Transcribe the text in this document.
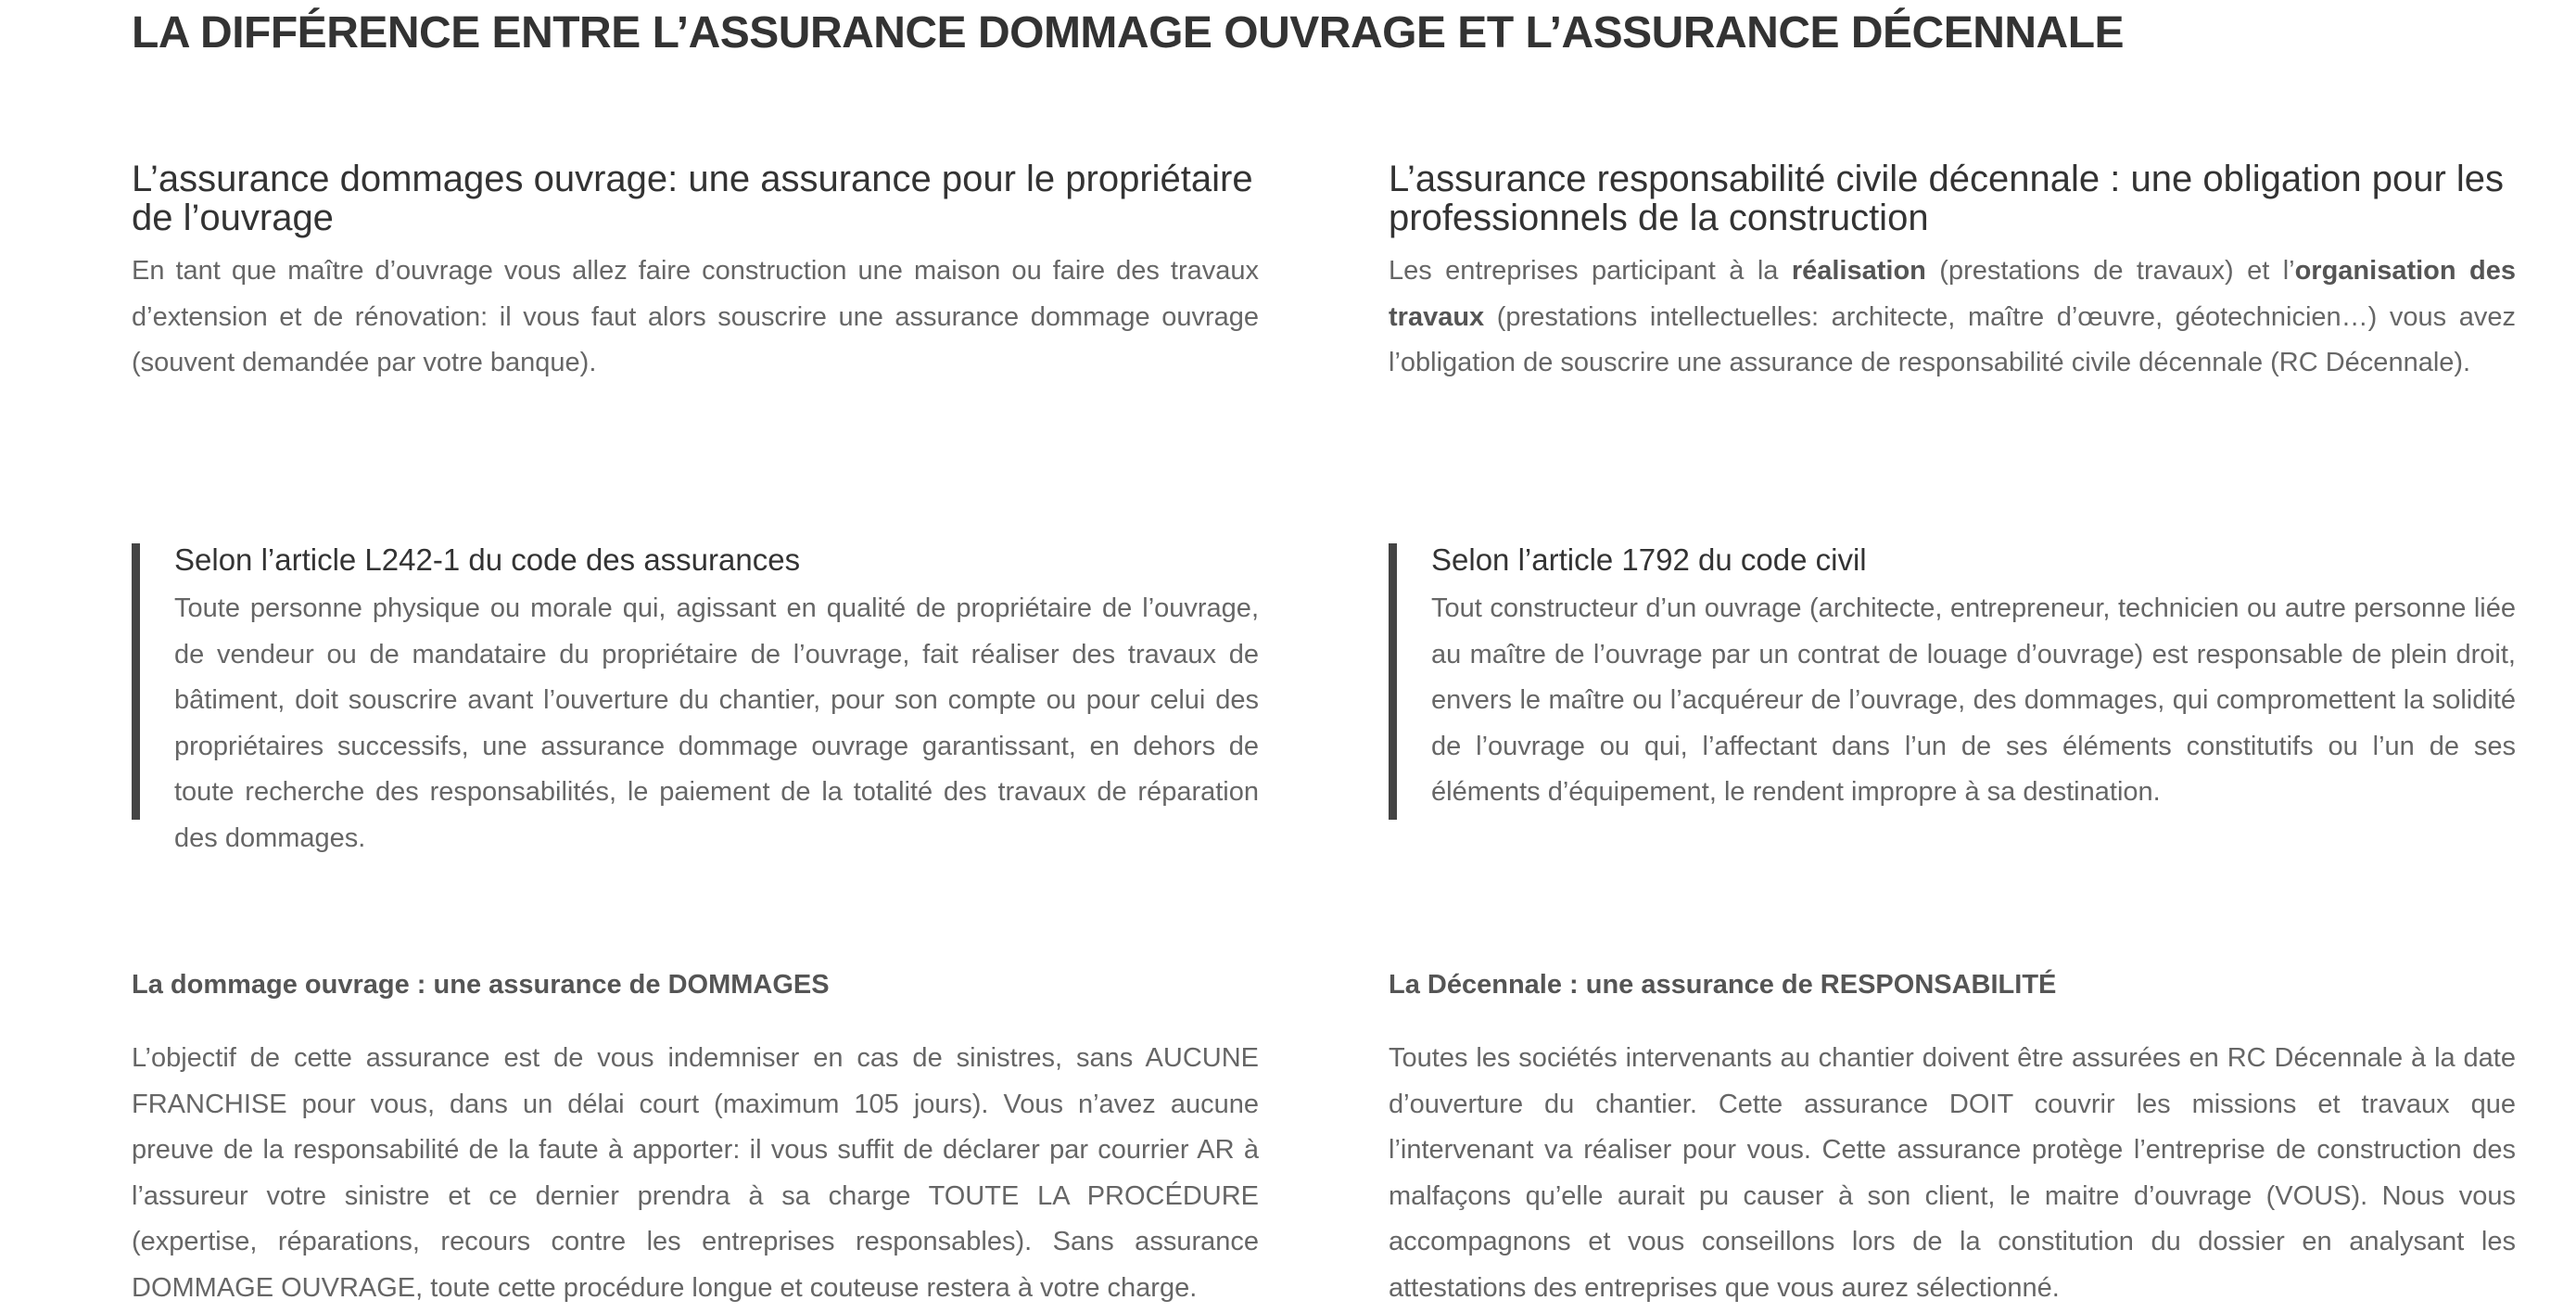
LA DIFFÉRENCE ENTRE L’ASSURANCE DOMMAGE OUVRAGE ET L’ASSURANCE DÉCENNALE
L’assurance dommages ouvrage: une assurance pour le propriétaire de l’ouvrage

En tant que maître d’ouvrage vous allez faire construction une maison ou faire des travaux d’extension et de rénovation: il vous faut alors souscrire une assurance dommage ouvrage (souvent demandée par votre banque).

L’assurance responsabilité civile décennale : une obligation pour les professionnels de la construction

Les entreprises participant à la réalisation (prestations de travaux) et l’organisation des travaux (prestations intellectuelles: architecte, maître d’œuvre, géotechnicien…) vous avez l’obligation de souscrire une assurance de responsabilité civile décennale (RC Décennale).

Selon l’article L242-1 du code des assurances

Toute personne physique ou morale qui, agissant en qualité de propriétaire de l’ouvrage, de vendeur ou de mandataire du propriétaire de l’ouvrage, fait réaliser des travaux de bâtiment, doit souscrire avant l’ouverture du chantier, pour son compte ou pour celui des propriétaires successifs, une assurance dommage ouvrage garantissant, en dehors de toute recherche des responsabilités, le paiement de la totalité des travaux de réparation des dommages.

Selon l’article 1792 du code civil

Tout constructeur d’un ouvrage (architecte, entrepreneur, technicien ou autre personne liée au maître de l’ouvrage par un contrat de louage d’ouvrage) est responsable de plein droit, envers le maître ou l’acquéreur de l’ouvrage, des dommages, qui compromettent la solidité de l’ouvrage ou qui, l’affectant dans l’un de ses éléments constitutifs ou l’un de ses éléments d’équipement, le rendent impropre à sa destination.

La dommage ouvrage : une assurance de DOMMAGES

L’objectif de cette assurance est de vous indemniser en cas de sinistres, sans AUCUNE FRANCHISE pour vous, dans un délai court (maximum 105 jours). Vous n’avez aucune preuve de la responsabilité de la faute à apporter: il vous suffit de déclarer par courrier AR à l’assureur votre sinistre et ce dernier prendra à sa charge TOUTE LA PROCÉDURE (expertise, réparations, recours contre les entreprises responsables). Sans assurance DOMMAGE OUVRAGE, toute cette procédure longue et couteuse restera à votre charge.

La Décennale : une assurance de RESPONSABILITÉ

Toutes les sociétés intervenants au chantier doivent être assurées en RC Décennale à la date d’ouverture du chantier. Cette assurance DOIT couvrir les missions et travaux que l’intervenant va réaliser pour vous. Cette assurance protège l’entreprise de construction des malfaçons qu’elle aurait pu causer à son client, le maitre d’ouvrage (VOUS). Nous vous accompagnons et vous conseillons lors de la constitution du dossier en analysant les attestations des entreprises que vous aurez sélectionné.
